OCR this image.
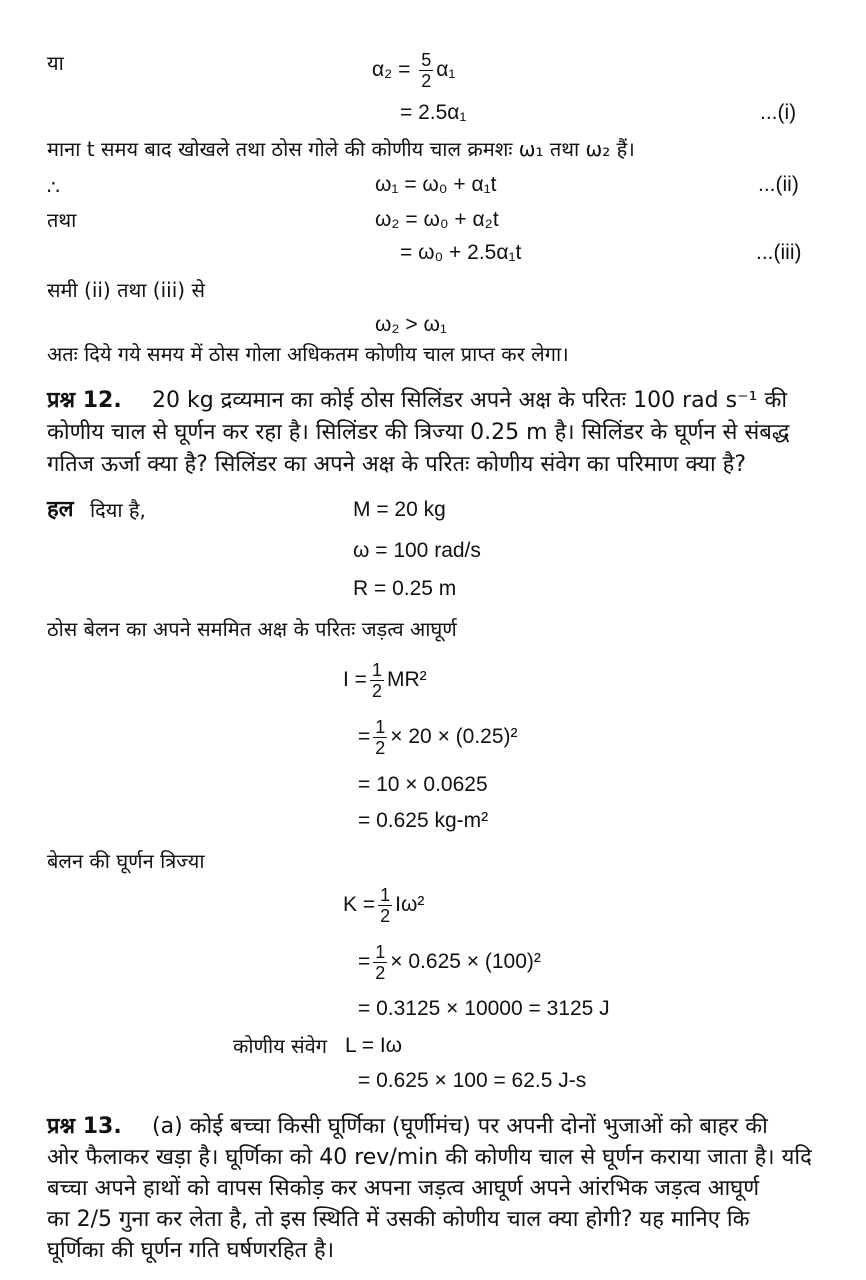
या	$\alpha_2 = \frac{5}{2} \alpha_1$
= 2.5α₁	...(i)
माना t समय बाद खोखले तथा ठोस गोले की कोणीय चाल क्रमशः ω₁ तथा ω₂ हैं।
∴	ω₁ = ω₀ + α₁t	...(ii)
तथा	ω₂ = ω₀ + α₂t
= ω₀ + 2.5α₁t	...(iii)
समी (ii) तथा (iii) से
ω₂ > ω₁
अतः दिये गये समय में ठोस गोला अधिकतम कोणीय चाल प्राप्त कर लेगा।
प्रश्न 12. 20 kg द्रव्यमान का कोई ठोस सिलिंडर अपने अक्ष के परितः 100 rad s⁻¹ की
कोणीय चाल से घूर्णन कर रहा है। सिलिंडर की त्रिज्या 0.25 m है। सिलिंडर के घूर्णन से संबद्ध
गतिज ऊर्जा क्या है? सिलिंडर का अपने अक्ष के परितः कोणीय संवेग का परिमाण क्या है?
हल दिया है,	M = 20 kg
ω = 100 rad/s
R = 0.25 m
ठोस बेलन का अपने सममित अक्ष के परितः जड़त्व आघूर्ण
$I = \frac{1}{2} MR^2$
= $\frac{1}{2} \times 20 \times (0.25)^2$
= 10 × 0.0625
= 0.625 kg-m²
बेलन की घूर्णन त्रिज्या
$K = \frac{1}{2} I\omega^2$
= $\frac{1}{2} \times 0.625 \times (100)^2$
= 0.3125 × 10000 = 3125 J
कोणीय संवेग L = Iω
= 0.625 × 100 = 62.5 J-s
प्रश्न 13. (a) कोई बच्चा किसी घूर्णिका (घूर्णीमंच) पर अपनी दोनों भुजाओं को बाहर की
ओर फैलाकर खड़ा है। घूर्णिका को 40 rev/min की कोणीय चाल से घूर्णन कराया जाता है। यदि
बच्चा अपने हाथों को वापस सिकोड़ कर अपना जड़त्व आघूर्ण अपने आंरभिक जड़त्व आघूर्ण
का 2/5 गुना कर लेता है, तो इस स्थिति में उसकी कोणीय चाल क्या होगी? यह मानिए कि
घूर्णिका की घूर्णन गति घर्षणरहित है।
